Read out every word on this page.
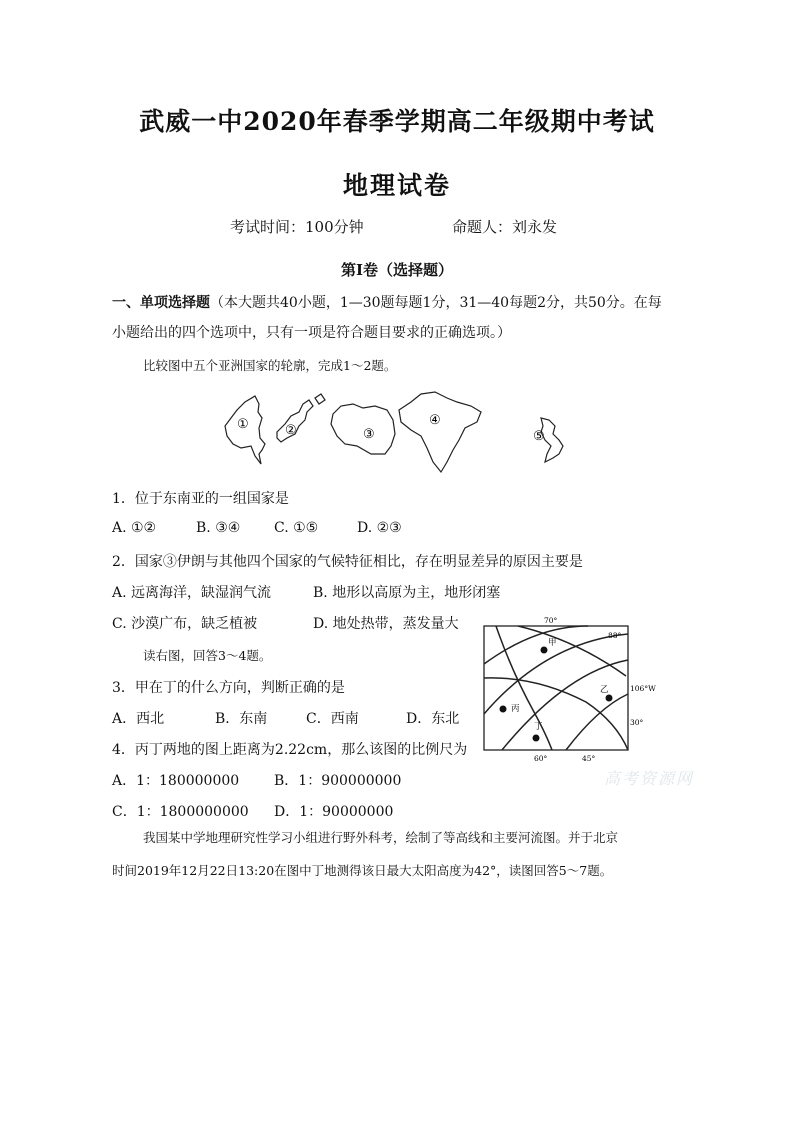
武威一中2020年春季学期高二年级期中考试
地理试卷
考试时间：100分钟	命题人：刘永发
第Ⅰ卷（选择题）
一、单项选择题（本大题共40小题，1—30题每题1分，31—40每题2分，共50分。在每
小题给出的四个选项中，只有一项是符合题目要求的正确选项。）
比较图中五个亚洲国家的轮廓，完成1～2题。
①	②	③
④
⑤
1．位于东南亚的一组国家是
A. ①②	B. ③④ C. ①⑤	D. ②③
2．国家③伊朗与其他四个国家的气候特征相比，存在明显差异的原因主要是
A. 远离海洋，缺湿润气流	B. 地形以高原为主，地形闭塞
C. 沙漠广布，缺乏植被	D. 地处热带，蒸发量大
读右图，回答3～4题。
3．甲在丁的什么方向，判断正确的是
A．西北	B．东南	C．西南	D．东北
4．丙丁两地的图上距离为2.22cm，那么该图的比例尺为
A．1：180000000 B．1：900000000
C．1：1800000000 D．1：90000000
甲
乙
丙
丁
70°
88°
106°W
30°
60°	45°
高考资源网
我国某中学地理研究性学习小组进行野外科考，绘制了等高线和主要河流图。并于北京
时间2019年12月22日13:20在图中丁地测得该日最大太阳高度为42°，读图回答5～7题。
